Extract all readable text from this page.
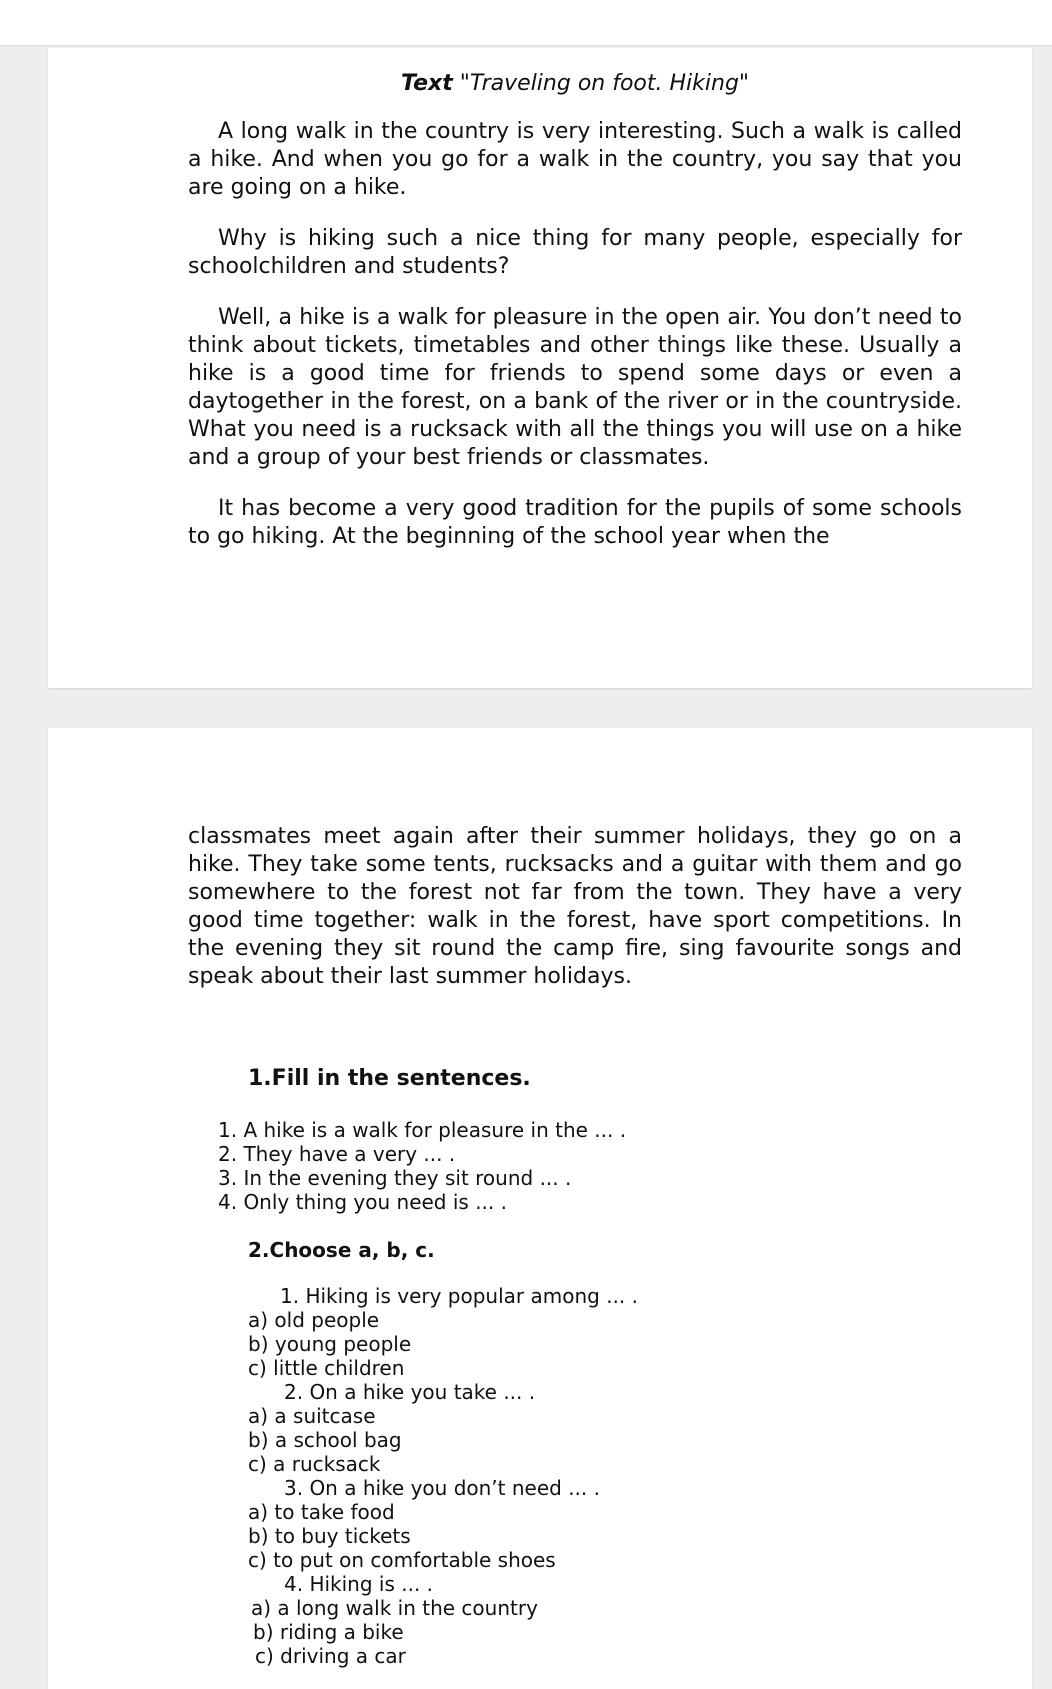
Text "Traveling on foot. Hiking"

A long walk in the country is very interesting. Such a walk is called a hike. And when you go for a walk in the country, you say that you are going on a hike.

Why is hiking such a nice thing for many people, especially for schoolchildren and students?

Well, a hike is a walk for pleasure in the open air. You don’t need to think about tickets, timetables and other things like these. Usually a hike is a good time for friends to spend some days or even a daytogether in the forest, on a bank of the river or in the countryside. What you need is a rucksack with all the things you will use on a hike and a group of your best friends or classmates.

It has become a very good tradition for the pupils of some schools to go hiking. At the beginning of the school year when the

classmates meet again after their summer holidays, they go on a hike. They take some tents, rucksacks and a guitar with them and go somewhere to the forest not far from the town. They have a very good time together: walk in the forest, have sport competitions. In the evening they sit round the camp fire, sing favourite songs and speak about their last summer holidays.

1.Fill in the sentences.
1. A hike is a walk for pleasure in the ... .
2. They have a very ... .
3. In the evening they sit round ... .
4. Only thing you need is ... .
2.Choose a, b, c.
1. Hiking is very popular among ... .
a) old people
b) young people
c) little children
2. On a hike you take ... .
a) a suitcase
b) a school bag
c) a rucksack
3. On a hike you don’t need ... .
a) to take food
b) to buy tickets
c) to put on comfortable shoes
4. Hiking is ... .
a) a long walk in the country
b) riding a bike
c) driving a car
